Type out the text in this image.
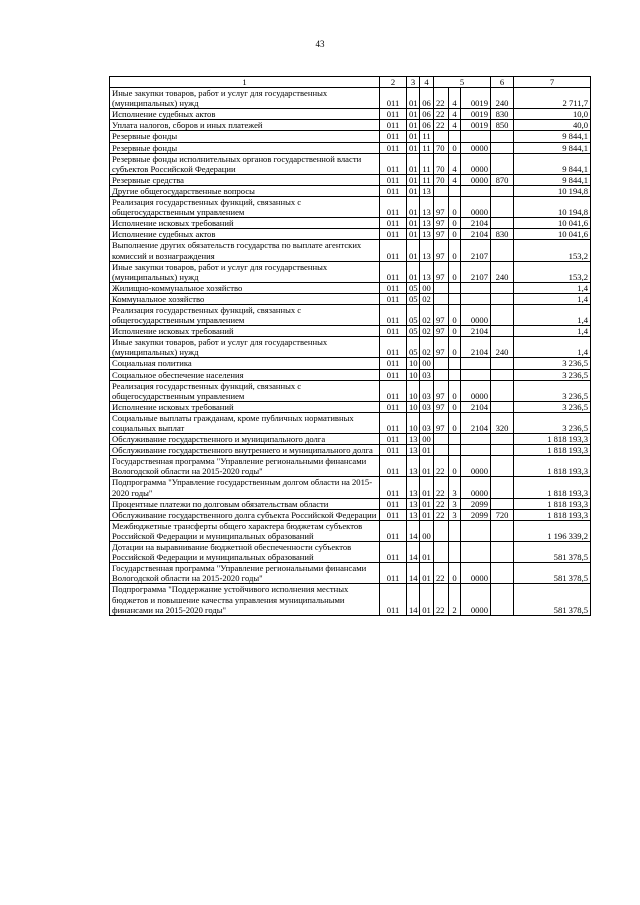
43
1	2	3	4	5			6	7
Иные закупки товаров, работ и услуг для государственных (муниципальных) нужд	011	01	06	22	4	0019	240	2 711,7
Исполнение судебных актов	011	01	06	22	4	0019	830	10,0
Уплата налогов, сборов и иных платежей	011	01	06	22	4	0019	850	40,0
Резервные фонды	011	01	11					9 844,1
Резервные фонды	011	01	11	70	0	0000		9 844,1
Резервные фонды исполнительных органов государственной власти субъектов Российской Федерации	011	01	11	70	4	0000		9 844,1
Резервные средства	011	01	11	70	4	0000	870	9 844,1
Другие общегосударственные вопросы	011	01	13					10 194,8
Реализация государственных функций, связанных с общегосударственным управлением	011	01	13	97	0	0000		10 194,8
Исполнение исковых требований	011	01	13	97	0	2104		10 041,6
Исполнение судебных актов	011	01	13	97	0	2104	830	10 041,6
Выполнение других обязательств государства по выплате агентских комиссий и вознаграждения	011	01	13	97	0	2107		153,2
Иные закупки товаров, работ и услуг для государственных (муниципальных) нужд	011	01	13	97	0	2107	240	153,2
Жилищно-коммунальное хозяйство	011	05	00					1,4
Коммунальное хозяйство	011	05	02					1,4
Реализация государственных функций, связанных с общегосударственным управлением	011	05	02	97	0	0000		1,4
Исполнение исковых требований	011	05	02	97	0	2104		1,4
Иные закупки товаров, работ и услуг для государственных (муниципальных) нужд	011	05	02	97	0	2104	240	1,4
Социальная политика	011	10	00					3 236,5
Социальное обеспечение населения	011	10	03					3 236,5
Реализация государственных функций, связанных с общегосударственным управлением	011	10	03	97	0	0000		3 236,5
Исполнение исковых требований	011	10	03	97	0	2104		3 236,5
Социальные выплаты гражданам, кроме публичных нормативных социальных выплат	011	10	03	97	0	2104	320	3 236,5
Обслуживание государственного и муниципального долга	011	13	00					1 818 193,3
Обслуживание государственного внутреннего и муниципального долга	011	13	01					1 818 193,3
Государственная программа "Управление региональными финансами Вологодской области на 2015-2020 годы"	011	13	01	22	0	0000		1 818 193,3
Подпрограмма "Управление государственным долгом области на 2015-2020 годы"	011	13	01	22	3	0000		1 818 193,3
Процентные платежи по долговым обязательствам области	011	13	01	22	3	2099		1 818 193,3
Обслуживание государственного долга субъекта Российской Федерации	011	13	01	22	3	2099	720	1 818 193,3
Межбюджетные трансферты общего характера бюджетам субъектов Российской Федерации и муниципальных образований	011	14	00					1 196 339,2
Дотации на выравнивание бюджетной обеспеченности субъектов Российской Федерации и муниципальных образований	011	14	01					581 378,5
Государственная программа "Управление региональными финансами Вологодской области на 2015-2020 годы"	011	14	01	22	0	0000		581 378,5
Подпрограмма "Поддержание устойчивого исполнения местных бюджетов и повышение качества управления муниципальными финансами на 2015-2020 годы"	011	14	01	22	2	0000		581 378,5
